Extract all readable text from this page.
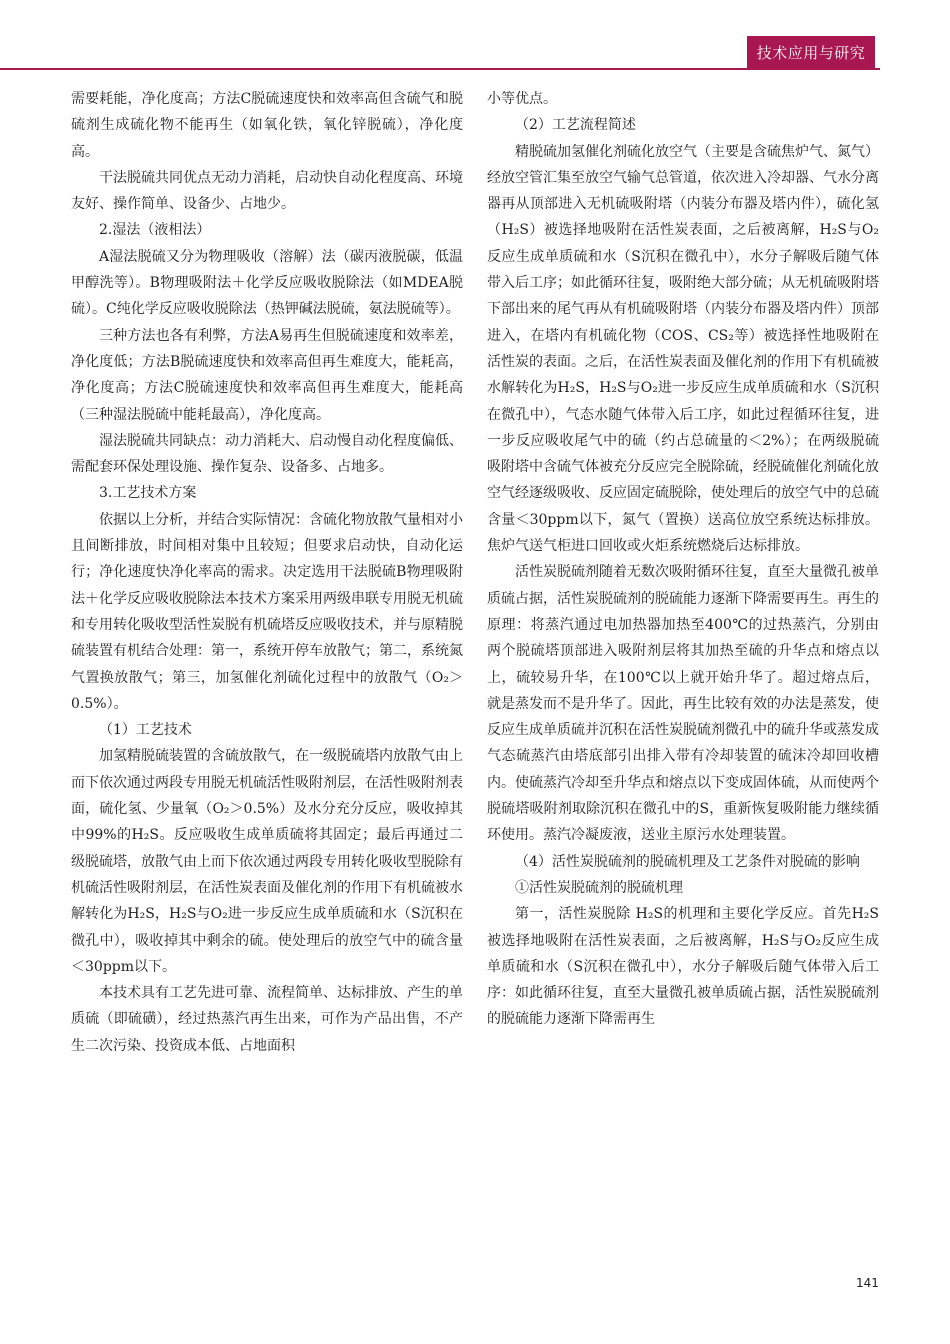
技术应用与研究

需要耗能，净化度高；方法C脱硫速度快和效率高但含硫气和脱硫剂生成硫化物不能再生（如氧化铁，氧化锌脱硫），净化度高。

干法脱硫共同优点无动力消耗，启动快自动化程度高、环境友好、操作简单、设备少、占地少。

2.湿法（液相法）

A湿法脱硫又分为物理吸收（溶解）法（碳丙液脱碳，低温甲醇洗等）。B物理吸附法＋化学反应吸收脱除法（如MDEA脱硫）。C纯化学反应吸收脱除法（热钾碱法脱硫，氨法脱硫等）。

三种方法也各有利弊，方法A易再生但脱硫速度和效率差，净化度低；方法B脱硫速度快和效率高但再生难度大，能耗高，净化度高；方法C脱硫速度快和效率高但再生难度大，能耗高（三种湿法脱硫中能耗最高），净化度高。

湿法脱硫共同缺点：动力消耗大、启动慢自动化程度偏低、需配套环保处理设施、操作复杂、设备多、占地多。

3.工艺技术方案

依据以上分析，并结合实际情况：含硫化物放散气量相对小且间断排放，时间相对集中且较短；但要求启动快，自动化运行；净化速度快净化率高的需求。决定选用干法脱硫B物理吸附法＋化学反应吸收脱除法本技术方案采用两级串联专用脱无机硫和专用转化吸收型活性炭脱有机硫塔反应吸收技术，并与原精脱硫装置有机结合处理：第一，系统开停车放散气；第二，系统氮气置换放散气；第三，加氢催化剂硫化过程中的放散气（O₂＞0.5%）。

（1）工艺技术

加氢精脱硫装置的含硫放散气，在一级脱硫塔内放散气由上而下依次通过两段专用脱无机硫活性吸附剂层，在活性吸附剂表面，硫化氢、少量氧（O₂＞0.5%）及水分充分反应，吸收掉其中99%的H₂S。反应吸收生成单质硫将其固定；最后再通过二级脱硫塔，放散气由上而下依次通过两段专用转化吸收型脱除有机硫活性吸附剂层，在活性炭表面及催化剂的作用下有机硫被水解转化为H₂S，H₂S与O₂进一步反应生成单质硫和水（S沉积在微孔中），吸收掉其中剩余的硫。使处理后的放空气中的硫含量＜30ppm以下。

本技术具有工艺先进可靠、流程简单、达标排放、产生的单质硫（即硫磺），经过热蒸汽再生出来，可作为产品出售，不产生二次污染、投资成本低、占地面积

小等优点。

（2）工艺流程简述

精脱硫加氢催化剂硫化放空气（主要是含硫焦炉气、氮气）经放空管汇集至放空气输气总管道，依次进入冷却器、气水分离器再从顶部进入无机硫吸附塔（内装分布器及塔内件），硫化氢（H₂S）被选择地吸附在活性炭表面，之后被离解，H₂S与O₂反应生成单质硫和水（S沉积在微孔中），水分子解吸后随气体带入后工序；如此循环往复，吸附绝大部分硫；从无机硫吸附塔下部出来的尾气再从有机硫吸附塔（内装分布器及塔内件）顶部进入，在塔内有机硫化物（COS、CS₂等）被选择性地吸附在活性炭的表面。之后，在活性炭表面及催化剂的作用下有机硫被水解转化为H₂S，H₂S与O₂进一步反应生成单质硫和水（S沉积在微孔中），气态水随气体带入后工序，如此过程循环往复，进一步反应吸收尾气中的硫（约占总硫量的＜2%）；在两级脱硫吸附塔中含硫气体被充分反应完全脱除硫，经脱硫催化剂硫化放空气经逐级吸收、反应固定硫脱除，使处理后的放空气中的总硫含量＜30ppm以下，氮气（置换）送高位放空系统达标排放。焦炉气送气柜进口回收或火炬系统燃烧后达标排放。

活性炭脱硫剂随着无数次吸附循环往复，直至大量微孔被单质硫占据，活性炭脱硫剂的脱硫能力逐渐下降需要再生。再生的原理：将蒸汽通过电加热器加热至400℃的过热蒸汽，分别由两个脱硫塔顶部进入吸附剂层将其加热至硫的升华点和熔点以上，硫较易升华，在100℃以上就开始升华了。超过熔点后，就是蒸发而不是升华了。因此，再生比较有效的办法是蒸发，使反应生成单质硫并沉积在活性炭脱硫剂微孔中的硫升华或蒸发成气态硫蒸汽由塔底部引出排入带有冷却装置的硫沫冷却回收槽内。使硫蒸汽冷却至升华点和熔点以下变成固体硫，从而使两个脱硫塔吸附剂取除沉积在微孔中的S，重新恢复吸附能力继续循环使用。蒸汽冷凝废液，送业主原污水处理装置。

（4）活性炭脱硫剂的脱硫机理及工艺条件对脱硫的影响

①活性炭脱硫剂的脱硫机理

第一，活性炭脱除 H₂S的机理和主要化学反应。首先H₂S被选择地吸附在活性炭表面，之后被离解，H₂S与O₂反应生成单质硫和水（S沉积在微孔中），水分子解吸后随气体带入后工序：如此循环往复，直至大量微孔被单质硫占据，活性炭脱硫剂的脱硫能力逐渐下降需再生

141
